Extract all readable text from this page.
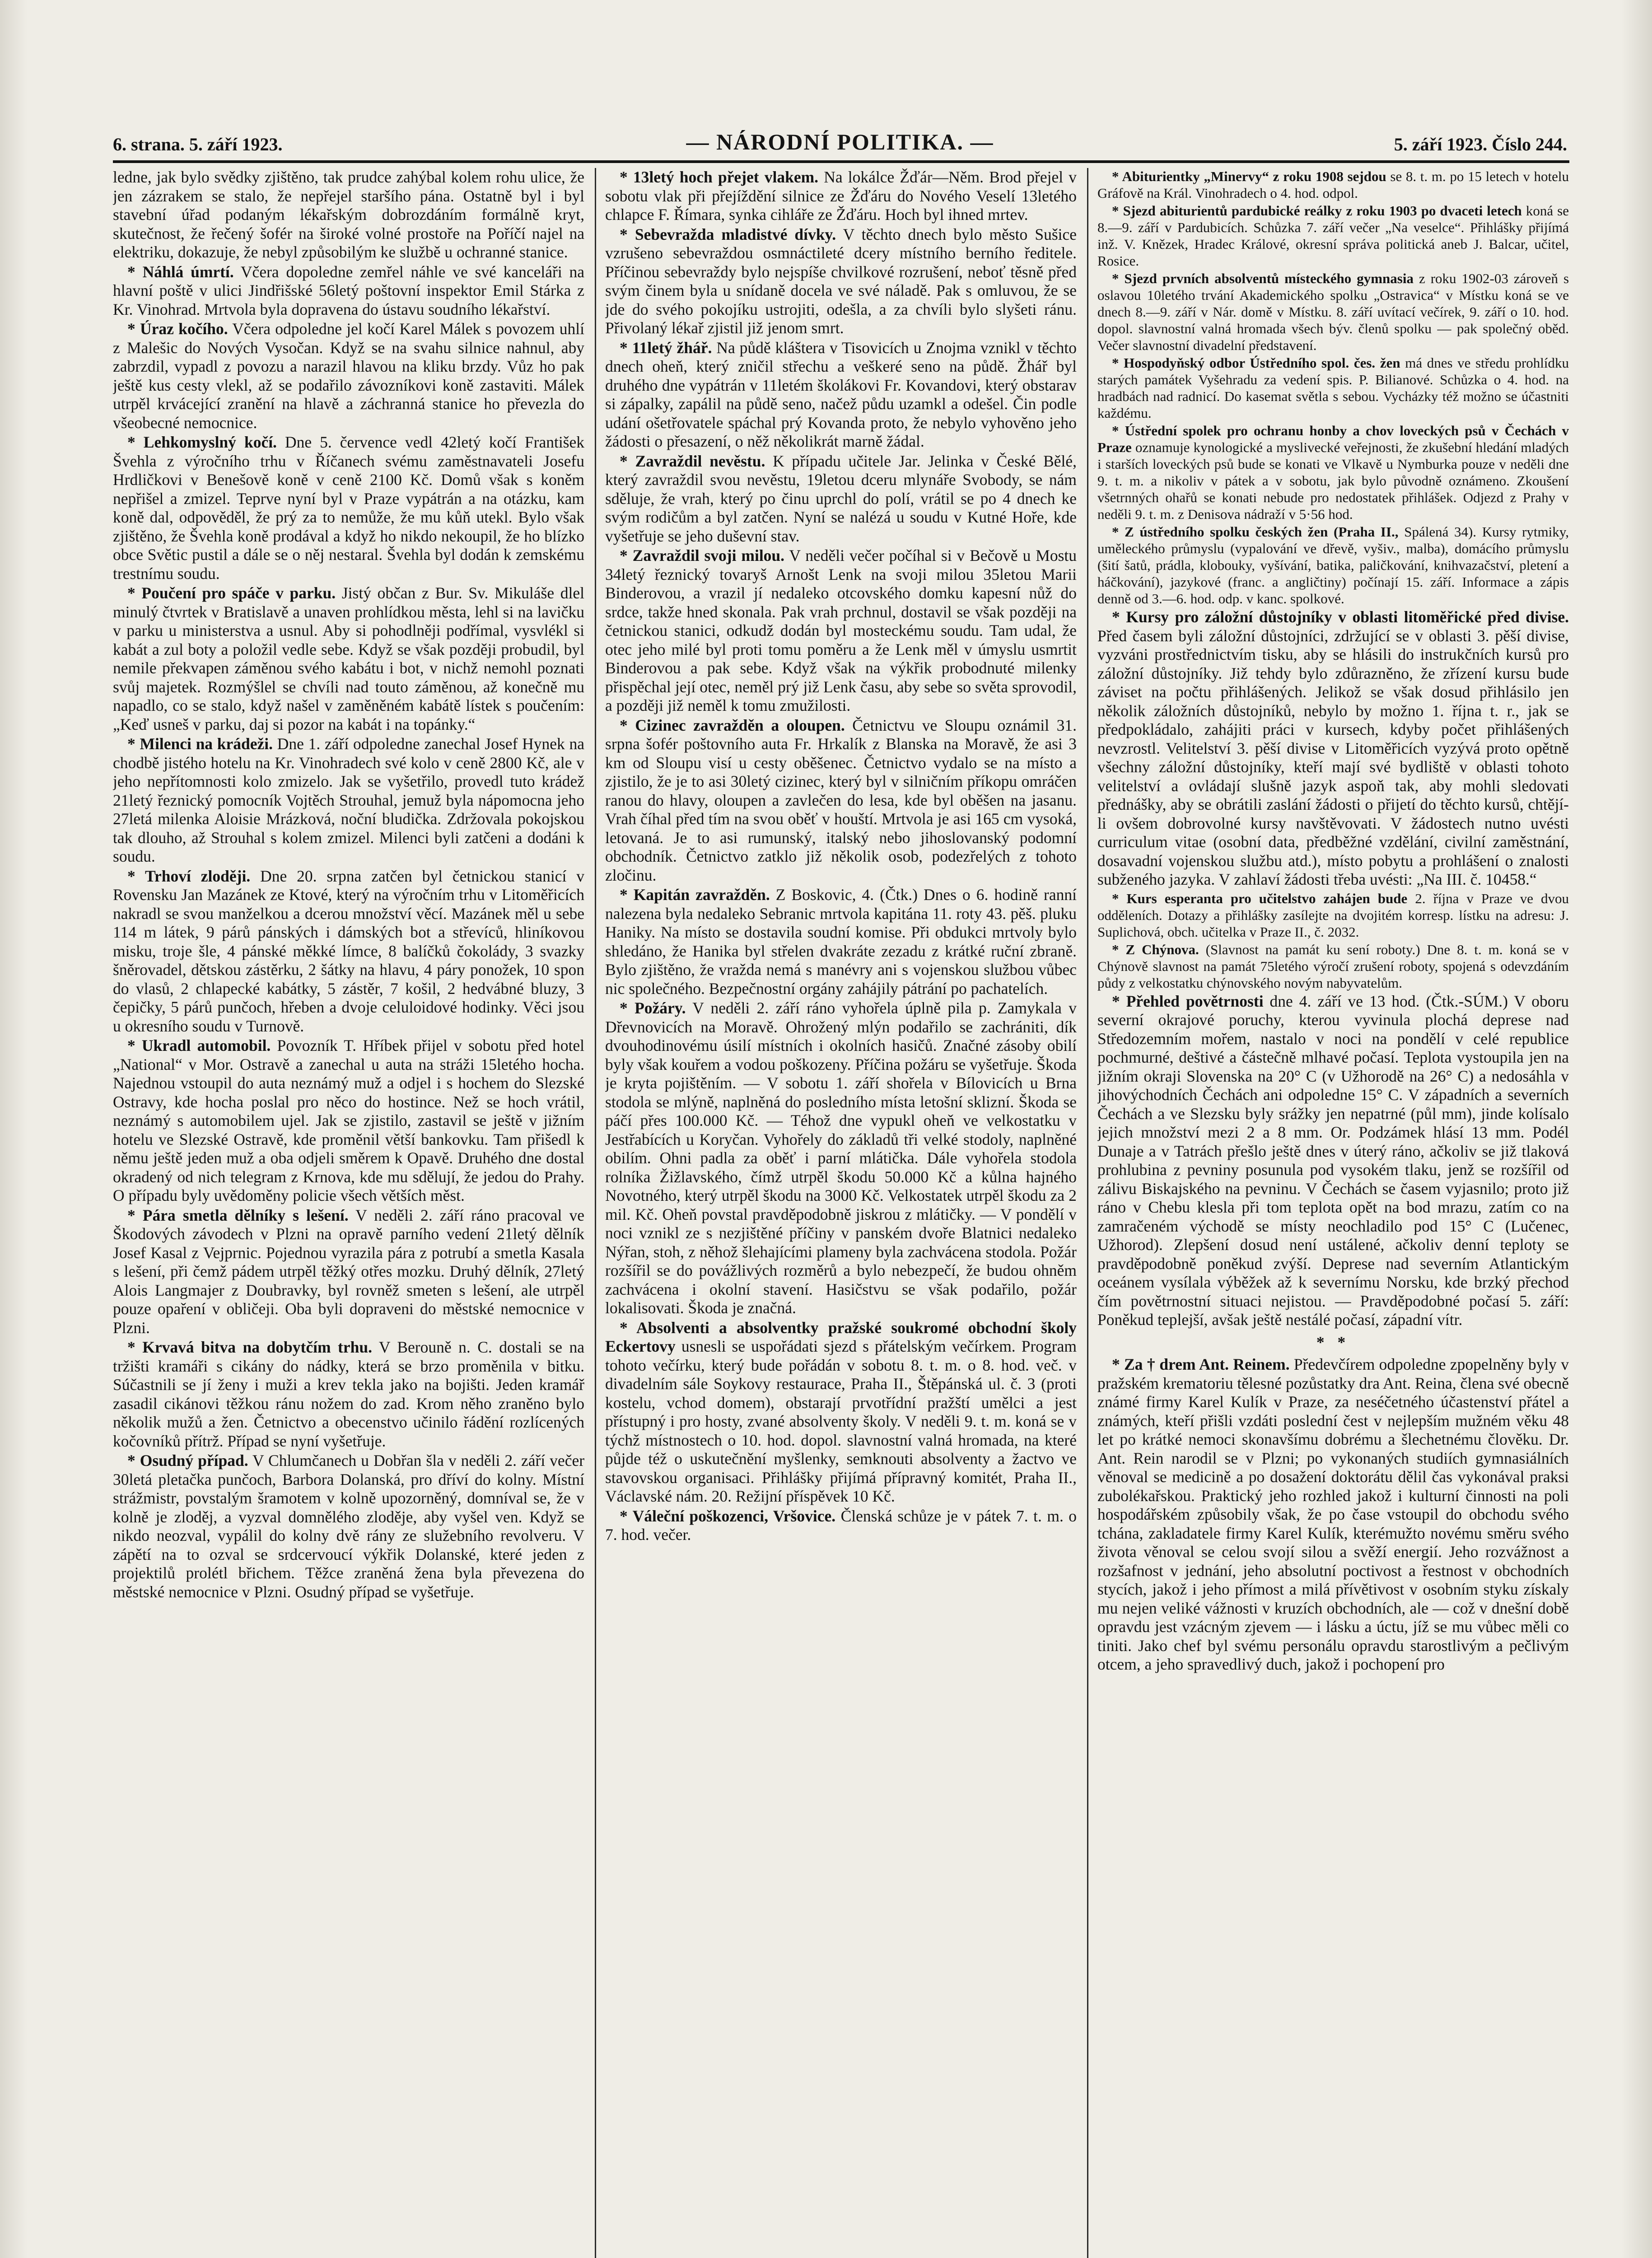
6. strana. 5. září 1923.	— NÁRODNÍ POLITIKA. —	5. září 1923. Číslo 244.

ledne, jak bylo svědky zjištěno, tak prudce zahýbal kolem rohu ulice, že jen zázrakem se stalo, že nepřejel staršího pána. Ostatně byl i byl stavební úřad podaným lékařským dobrozdáním formálně kryt, skutečnost, že řečený šofér na široké volné prostoře na Poříčí najel na elektriku, dokazuje, že nebyl způsobilým ke službě u ochranné stanice.

* Náhlá úmrtí. Včera dopoledne zemřel náhle ve své kanceláři na hlavní poště v ulici Jindřišské 56letý poštovní inspektor Emil Stárka z Kr. Vinohrad. Mrtvola byla dopravena do ústavu soudního lékařství.

* Úraz kočího. Včera odpoledne jel kočí Karel Málek s povozem uhlí z Malešic do Nových Vysočan. Když se na svahu silnice nahnul, aby zabrzdil, vypadl z povozu a narazil hlavou na kliku brzdy. Vůz ho pak ještě kus cesty vlekl, až se podařilo závozníkovi koně zastaviti. Málek utrpěl krvácející zranění na hlavě a záchranná stanice ho převezla do všeobecné nemocnice.

* Lehkomyslný kočí. Dne 5. července vedl 42letý kočí František Švehla z výročního trhu v Říčanech svému zaměstnavateli Josefu Hrdličkovi v Benešově koně v ceně 2100 Kč. Domů však s koněm nepřišel a zmizel. Teprve nyní byl v Praze vypátrán a na otázku, kam koně dal, odpověděl, že prý za to nemůže, že mu kůň utekl. Bylo však zjištěno, že Švehla koně prodával a když ho nikdo nekoupil, že ho blízko obce Světic pustil a dále se o něj nestaral. Švehla byl dodán k zemskému trestnímu soudu.

* Poučení pro spáče v parku. Jistý občan z Bur. Sv. Mikuláše dlel minulý čtvrtek v Bratislavě a unaven prohlídkou města, lehl si na lavičku v parku u ministerstva a usnul. Aby si pohodlněji podřímal, vysvlékl si kabát a zul boty a položil vedle sebe. Když se však později probudil, byl nemile překvapen záměnou svého kabátu i bot, v nichž nemohl poznati svůj majetek. Rozmýšlel se chvíli nad touto záměnou, až konečně mu napadlo, co se stalo, když našel v zaměněném kabátě lístek s poučením: „Keď usneš v parku, daj si pozor na kabát i na topánky.“

* Milenci na krádeži. Dne 1. září odpoledne zanechal Josef Hynek na chodbě jistého hotelu na Kr. Vinohradech své kolo v ceně 2800 Kč, ale v jeho nepřítomnosti kolo zmizelo. Jak se vyšetřilo, provedl tuto krádež 21letý řeznický pomocník Vojtěch Strouhal, jemuž byla nápomocna jeho 27letá milenka Aloisie Mrázková, noční bludička. Zdržovala pokojskou tak dlouho, až Strouhal s kolem zmizel. Milenci byli zatčeni a dodáni k soudu.

* Trhoví zloději. Dne 20. srpna zatčen byl četnickou stanicí v Rovensku Jan Mazánek ze Ktové, který na výročním trhu v Litoměřicích nakradl se svou manželkou a dcerou množství věcí. Mazánek měl u sebe 114 m látek, 9 párů pánských i dámských bot a střevíců, hliníkovou misku, troje šle, 4 pánské měkké límce, 8 balíčků čokolády, 3 svazky šněrovadel, dětskou zástěrku, 2 šátky na hlavu, 4 páry ponožek, 10 spon do vlasů, 2 chlapecké kabátky, 5 zástěr, 7 košil, 2 hedvábné bluzy, 3 čepičky, 5 párů punčoch, hřeben a dvoje celuloidové hodinky. Věci jsou u okresního soudu v Turnově.

* Ukradl automobil. Povozník T. Hříbek přijel v sobotu před hotel „National“ v Mor. Ostravě a zanechal u auta na stráži 15letého hocha. Najednou vstoupil do auta neznámý muž a odjel i s hochem do Slezské Ostravy, kde hocha poslal pro něco do hostince. Než se hoch vrátil, neznámý s automobilem ujel. Jak se zjistilo, zastavil se ještě v jižním hotelu ve Slezské Ostravě, kde proměnil větší bankovku. Tam přišedl k němu ještě jeden muž a oba odjeli směrem k Opavě. Druhého dne dostal okradený od nich telegram z Krnova, kde mu sdělují, že jedou do Prahy. O případu byly uvědoměny policie všech větších měst.

* Pára smetla dělníky s lešení. V neděli 2. září ráno pracoval ve Škodových závodech v Plzni na opravě parního vedení 21letý dělník Josef Kasal z Vejprnic. Pojednou vyrazila pára z potrubí a smetla Kasala s lešení, při čemž pádem utrpěl těžký otřes mozku. Druhý dělník, 27letý Alois Langmajer z Doubravky, byl rovněž smeten s lešení, ale utrpěl pouze opaření v obličeji. Oba byli dopraveni do městské nemocnice v Plzni.

* Krvavá bitva na dobytčím trhu. V Berouně n. C. dostali se na tržišti kramáři s cikány do nádky, která se brzo proměnila v bitku. Súčastnili se jí ženy i muži a krev tekla jako na bojišti. Jeden kramář zasadil cikánovi těžkou ránu nožem do zad. Krom něho zraněno bylo několik mužů a žen. Četnictvo a obecenstvo učinilo řádění rozlícených kočovníků přítrž. Případ se nyní vyšetřuje.

* Osudný případ. V Chlumčanech u Dobřan šla v neděli 2. září večer 30letá pletačka punčoch, Barbora Dolanská, pro dříví do kolny. Místní strážmistr, povstalým šramotem v kolně upozorněný, domníval se, že v kolně je zloděj, a vyzval domnělého zloděje, aby vyšel ven. Když se nikdo neozval, vypálil do kolny dvě rány ze služebního revolveru. V zápětí na to ozval se srdcervoucí výkřik Dolanské, které jeden z projektilů prolétl břichem. Těžce zraněná žena byla převezena do městské nemocnice v Plzni. Osudný případ se vyšetřuje.

* 13letý hoch přejet vlakem. Na lokálce Žďár—Něm. Brod přejel v sobotu vlak při přejíždění silnice ze Žďáru do Nového Veselí 13letého chlapce F. Římara, synka cihláře ze Žďáru. Hoch byl ihned mrtev.

* Sebevražda mladistvé dívky. V těchto dnech bylo město Sušice vzrušeno sebevraždou osmnáctileté dcery místního berního ředitele. Příčinou sebevraždy bylo nejspíše chvilkové rozrušení, neboť těsně před svým činem byla u snídaně docela ve své náladě. Pak s omluvou, že se jde do svého pokojíku ustrojiti, odešla, a za chvíli bylo slyšeti ránu. Přivolaný lékař zjistil již jenom smrt.

* 11letý žhář. Na půdě kláštera v Tisovicích u Znojma vznikl v těchto dnech oheň, který zničil střechu a veškeré seno na půdě. Žhář byl druhého dne vypátrán v 11letém školákovi Fr. Kovandovi, který obstarav si zápalky, zapálil na půdě seno, načež půdu uzamkl a odešel. Čin podle udání ošetřovatele spáchal prý Kovanda proto, že nebylo vyhověno jeho žádosti o přesazení, o něž několikrát marně žádal.

* Zavraždil nevěstu. K případu učitele Jar. Jelinka v České Bělé, který zavraždil svou nevěstu, 19letou dceru mlynáře Svobody, se nám sděluje, že vrah, který po činu uprchl do polí, vrátil se po 4 dnech ke svým rodičům a byl zatčen. Nyní se nalézá u soudu v Kutné Hoře, kde vyšetřuje se jeho duševní stav.

* Zavraždil svoji milou. V neděli večer počíhal si v Bečově u Mostu 34letý řeznický tovaryš Arnošt Lenk na svoji milou 35letou Marii Binderovou, a vrazil jí nedaleko otcovského domku kapesní nůž do srdce, takže hned skonala. Pak vrah prchnul, dostavil se však později na četnickou stanici, odkudž dodán byl mosteckému soudu. Tam udal, že otec jeho milé byl proti tomu poměru a že Lenk měl v úmyslu usmrtit Binderovou a pak sebe. Když však na výkřik probodnuté milenky přispěchal její otec, neměl prý již Lenk času, aby sebe so světa sprovodil, a později již neměl k tomu zmužilosti.

* Cizinec zavražděn a oloupen. Četnictvu ve Sloupu oznámil 31. srpna šofér poštovního auta Fr. Hrkalík z Blanska na Moravě, že asi 3 km od Sloupu visí u cesty oběšenec. Četnictvo vydalo se na místo a zjistilo, že je to asi 30letý cizinec, který byl v silničním příkopu omráčen ranou do hlavy, oloupen a zavlečen do lesa, kde byl oběšen na jasanu. Vrah číhal před tím na svou oběť v houští. Mrtvola je asi 165 cm vysoká, letovaná. Je to asi rumunský, italský nebo jihoslovanský podomní obchodník. Četnictvo zatklo již několik osob, podezřelých z tohoto zločinu.

* Kapitán zavražděn. Z Boskovic, 4. (Čtk.) Dnes o 6. hodině ranní nalezena byla nedaleko Sebranic mrtvola kapitána 11. roty 43. pěš. pluku Haniky. Na místo se dostavila soudní komise. Při obdukci mrtvoly bylo shledáno, že Hanika byl střelen dvakráte zezadu z krátké ruční zbraně. Bylo zjištěno, že vražda nemá s manévry ani s vojenskou službou vůbec nic společného. Bezpečnostní orgány zahájily pátrání po pachatelích.

* Požáry. V neděli 2. září ráno vyhořela úplně pila p. Zamykala v Dřevnovicích na Moravě. Ohrožený mlýn podařilo se zachrániti, dík dvouhodinovému úsilí místních i okolních hasičů. Značné zásoby obilí byly však kouřem a vodou poškozeny. Příčina požáru se vyšetřuje. Škoda je kryta pojištěním. — V sobotu 1. září shořela v Bílovicích u Brna stodola se mlýně, naplněná do posledního místa letošní sklizní. Škoda se páčí přes 100.000 Kč. — Téhož dne vypukl oheň ve velkostatku v Jestřabících u Koryčan. Vyhořely do základů tři velké stodoly, naplněné obilím. Ohni padla za oběť i parní mlátička. Dále vyhořela stodola rolníka Žižlavského, čímž utrpěl škodu 50.000 Kč a kůlna hajného Novotného, který utrpěl škodu na 3000 Kč. Velkostatek utrpěl škodu za 2 mil. Kč. Oheň povstal pravděpodobně jiskrou z mlátičky. — V pondělí v noci vznikl ze s nezjištěné příčiny v panském dvoře Blatnici nedaleko Nýřan, stoh, z něhož šlehajícími plameny byla zachvácena stodola. Požár rozšířil se do povážlivých rozměrů a bylo nebezpečí, že budou ohněm zachvácena i okolní stavení. Hasičstvu se však podařilo, požár lokalisovati. Škoda je značná.

* Absolventi a absolventky pražské soukromé obchodní školy Eckertovy usnesli se uspořádati sjezd s přátelským večírkem. Program tohoto večírku, který bude pořádán v sobotu 8. t. m. o 8. hod. več. v divadelním sále Soykovy restaurace, Praha II., Štěpánská ul. č. 3 (proti kostelu, vchod domem), obstarají prvotřídní pražští umělci a jest přístupný i pro hosty, zvané absolventy školy. V neděli 9. t. m. koná se v týchž místnostech o 10. hod. dopol. slavnostní valná hromada, na které půjde též o uskutečnění myšlenky, semknouti absolventy a žactvo ve stavovskou organisaci. Přihlášky přijímá přípravný komitét, Praha II., Václavské nám. 20. Režijní příspěvek 10 Kč.

* Váleční poškozenci, Vršovice. Členská schůze je v pátek 7. t. m. o 7. hod. večer.

* Abiturientky „Minervy“ z roku 1908 sejdou se 8. t. m. po 15 letech v hotelu Gráfově na Král. Vinohradech o 4. hod. odpol.

* Sjezd abiturientů pardubické reálky z roku 1903 po dvaceti letech koná se 8.—9. září v Pardubicích. Schůzka 7. září večer „Na veselce“. Přihlášky přijímá inž. V. Knězek, Hradec Králové, okresní správa politická aneb J. Balcar, učitel, Rosice.

* Sjezd prvních absolventů místeckého gymnasia z roku 1902-03 zároveň s oslavou 10letého trvání Akademického spolku „Ostravica“ v Místku koná se ve dnech 8.—9. září v Nár. domě v Místku. 8. září uvítací večírek, 9. září o 10. hod. dopol. slavnostní valná hromada všech býv. členů spolku — pak společný oběd. Večer slavnostní divadelní představení.

* Hospodyňský odbor Ústředního spol. čes. žen má dnes ve středu prohlídku starých památek Vyšehradu za vedení spis. P. Bilianové. Schůzka o 4. hod. na hradbách nad radnicí. Do kasemat světla s sebou. Vycházky též možno se účastniti každému.

* Ústřední spolek pro ochranu honby a chov loveckých psů v Čechách v Praze oznamuje kynologické a myslivecké veřejnosti, že zkušební hledání mladých i starších loveckých psů bude se konati ve Vlkavě u Nymburka pouze v neděli dne 9. t. m. a nikoliv v pátek a v sobotu, jak bylo původně oznámeno. Zkoušení všetrnných ohařů se konati nebude pro nedostatek přihlášek. Odjezd z Prahy v neděli 9. t. m. z Denisova nádraží v 5·56 hod.

* Z ústředního spolku českých žen (Praha II., Spálená 34). Kursy rytmiky, uměleckého průmyslu (vypalování ve dřevě, vyšiv., malba), domácího průmyslu (šití šatů, prádla, klobouky, vyšívání, batika, paličkování, knihvazačství, pletení a háčkování), jazykové (franc. a angličtiny) počínají 15. září. Informace a zápis denně od 3.—6. hod. odp. v kanc. spolkové.

* Kursy pro záložní důstojníky v oblasti litoměřické před divise. Před časem byli záložní důstojníci, zdržující se v oblasti 3. pěší divise, vyzváni prostřednictvím tisku, aby se hlásili do instrukčních kursů pro záložní důstojníky. Již tehdy bylo zdůrazněno, že zřízení kursu bude záviset na počtu přihlášených. Jelikož se však dosud přihlásilo jen několik záložních důstojníků, nebylo by možno 1. října t. r., jak se předpokládalo, zahájiti práci v kursech, kdyby počet přihlášených nevzrostl. Velitelství 3. pěší divise v Litoměřicích vyzývá proto opětně všechny záložní důstojníky, kteří mají své bydliště v oblasti tohoto velitelství a ovládají slušně jazyk aspoň tak, aby mohli sledovati přednášky, aby se obrátili zaslání žádosti o přijetí do těchto kursů, chtějí-li ovšem dobrovolné kursy navštěvovati. V žádostech nutno uvésti curriculum vitae (osobní data, předběžné vzdělání, civilní zaměstnání, dosavadní vojenskou službu atd.), místo pobytu a prohlášení o znalosti subženého jazyka. V zahlaví žádosti třeba uvésti: „Na III. č. 10458.“

* Kurs esperanta pro učitelstvo zahájen bude 2. října v Praze ve dvou odděleních. Dotazy a přihlášky zasílejte na dvojitém korresp. lístku na adresu: J. Suplichová, obch. učitelka v Praze II., č. 2032.

* Z Chýnova. (Slavnost na památ ku sení roboty.) Dne 8. t. m. koná se v Chýnově slavnost na památ 75letého výročí zrušení roboty, spojená s odevzdáním půdy z velkostatku chýnovského novým nabyvatelům.

* Přehled povětrnosti dne 4. září ve 13 hod. (Čtk.-SÚM.) V oboru severní okrajové poruchy, kterou vyvinula plochá deprese nad Středozemním mořem, nastalo v noci na pondělí v celé republice pochmurné, deštivé a částečně mlhavé počasí. Teplota vystoupila jen na jižním okraji Slovenska na 20° C (v Užhorodě na 26° C) a nedosáhla v jihovýchodních Čechách ani odpoledne 15° C. V západních a severních Čechách a ve Slezsku byly srážky jen nepatrné (půl mm), jinde kolísalo jejich množství mezi 2 a 8 mm. Or. Podzámek hlásí 13 mm. Podél Dunaje a v Tatrách přešlo ještě dnes v úterý ráno, ačkoliv se již tlaková prohlubina z pevniny posunula pod vysokém tlaku, jenž se rozšířil od zálivu Biskajského na pevninu. V Čechách se časem vyjasnilo; proto již ráno v Chebu klesla při tom teplota opět na bod mrazu, zatím co na zamračeném východě se místy neochladilo pod 15° C (Lučenec, Užhorod). Zlepšení dosud není ustálené, ačkoliv denní teploty se pravděpodobně poněkud zvýší. Deprese nad severním Atlantickým oceánem vysílala výběžek až k severnímu Norsku, kde brzký přechod čím povětrnostní situaci nejistou. — Pravděpodobné počasí 5. září: Poněkud teplejší, avšak ještě nestálé počasí, západní vítr.

* *

* Za † drem Ant. Reinem. Předevčírem odpoledne zpopelněny byly v pražském krematoriu tělesné pozůstatky dra Ant. Reina, člena své obecně známé firmy Karel Kulík v Praze, za neséčetného účastenství přátel a známých, kteří přišli vzdáti poslední čest v nejlepším mužném věku 48 let po krátké nemoci skonavšímu dobrému a šlechetnému člověku. Dr. Ant. Rein narodil se v Plzni; po vykonaných studiích gymnasiálních věnoval se medicině a po dosažení doktorátu dělil čas vykonával praksi zubolékařskou. Praktický jeho rozhled jakož i kulturní činnosti na poli hospodářském způsobily však, že po čase vstoupil do obchodu svého tchána, zakladatele firmy Karel Kulík, kterémužto novému směru svého života věnoval se celou svojí silou a svěží energií. Jeho rozvážnost a rozšafnost v jednání, jeho absolutní poctivost a řestnost v obchodních stycích, jakož i jeho přímost a milá přívětivost v osobním styku získaly mu nejen veliké vážnosti v kruzích obchodních, ale — což v dnešní době opravdu jest vzácným zjevem — i lásku a úctu, jíž se mu vůbec měli co tiniti. Jako chef byl svému personálu opravdu starostlivým a pečlivým otcem, a jeho spravedlivý duch, jakož i pochopení pro
